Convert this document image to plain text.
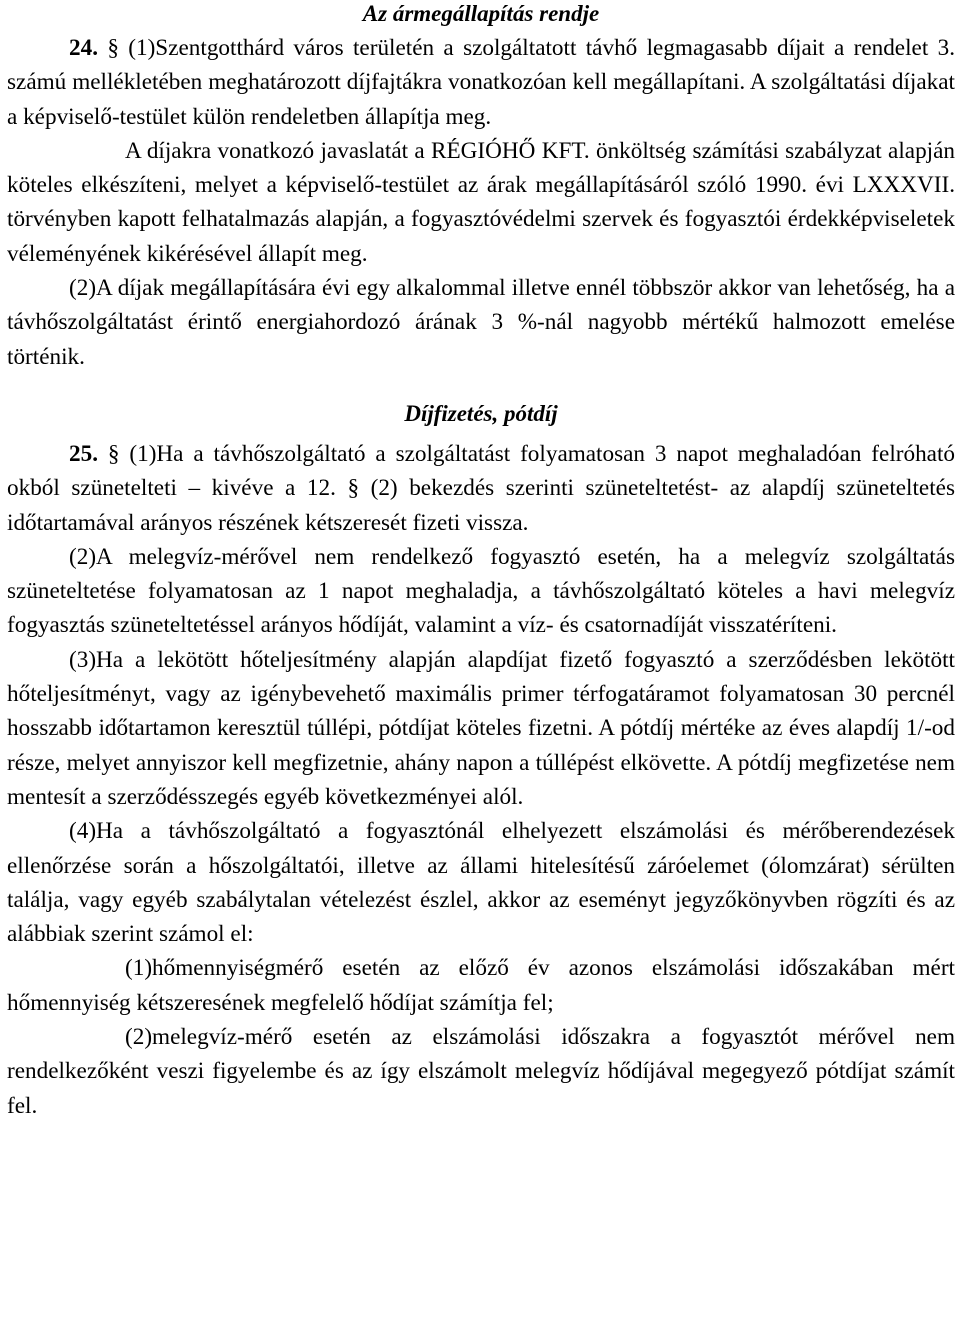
Az ármegállapítás rendje

24. § (1)Szentgotthárd város területén a szolgáltatott távhő legmagasabb díjait a rendelet 3. számú mellékletében meghatározott díjfajtákra vonatkozóan kell megállapítani. A szolgáltatási díjakat a képviselő-testület külön rendeletben állapítja meg.

A díjakra vonatkozó javaslatát a RÉGIÓHŐ KFT. önköltség számítási szabályzat alapján köteles elkészíteni, melyet a képviselő-testület az árak megállapításáról szóló 1990. évi LXXXVII. törvényben kapott felhatalmazás alapján, a fogyasztóvédelmi szervek és fogyasztói érdekképviseletek véleményének kikérésével állapít meg.

(2)A díjak megállapítására évi egy alkalommal illetve ennél többször akkor van lehetőség, ha a távhőszolgáltatást érintő energiahordozó árának 3 %-nál nagyobb mértékű halmozott emelése történik.

Díjfizetés, pótdíj

25. § (1)Ha a távhőszolgáltató a szolgáltatást folyamatosan 3 napot meghaladóan felróható okból szünetelteti – kivéve a 12. § (2) bekezdés szerinti szüneteltetést- az alapdíj szüneteltetés időtartamával arányos részének kétszeresét fizeti vissza.

(2)A melegvíz-mérővel nem rendelkező fogyasztó esetén, ha a melegvíz szolgáltatás szüneteltetése folyamatosan az 1 napot meghaladja, a távhőszolgáltató köteles a havi melegvíz fogyasztás szüneteltetéssel arányos hődíját, valamint a víz- és csatornadíját visszatéríteni.

(3)Ha a lekötött hőteljesítmény alapján alapdíjat fizető fogyasztó a szerződésben lekötött hőteljesítményt, vagy az igénybevehető maximális primer térfogatáramot folyamatosan 30 percnél hosszabb időtartamon keresztül túllépi, pótdíjat köteles fizetni. A pótdíj mértéke az éves alapdíj 1/-od része, melyet annyiszor kell megfizetnie, ahány napon a túllépést elkövette. A pótdíj megfizetése nem mentesít a szerződésszegés egyéb következményei alól.

(4)Ha a távhőszolgáltató a fogyasztónál elhelyezett elszámolási és mérőberendezések ellenőrzése során a hőszolgáltatói, illetve az állami hitelesítésű záróelemet (ólomzárat) sérülten találja, vagy egyéb szabálytalan vételezést észlel, akkor az eseményt jegyzőkönyvben rögzíti és az alábbiak szerint számol el:

(1)hőmennyiségmérő esetén az előző év azonos elszámolási időszakában mért hőmennyiség kétszeresének megfelelő hődíjat számítja fel;

(2)melegvíz-mérő esetén az elszámolási időszakra a fogyasztót mérővel nem rendelkezőként veszi figyelembe és az így elszámolt melegvíz hődíjával megegyező pótdíjat számít fel.
